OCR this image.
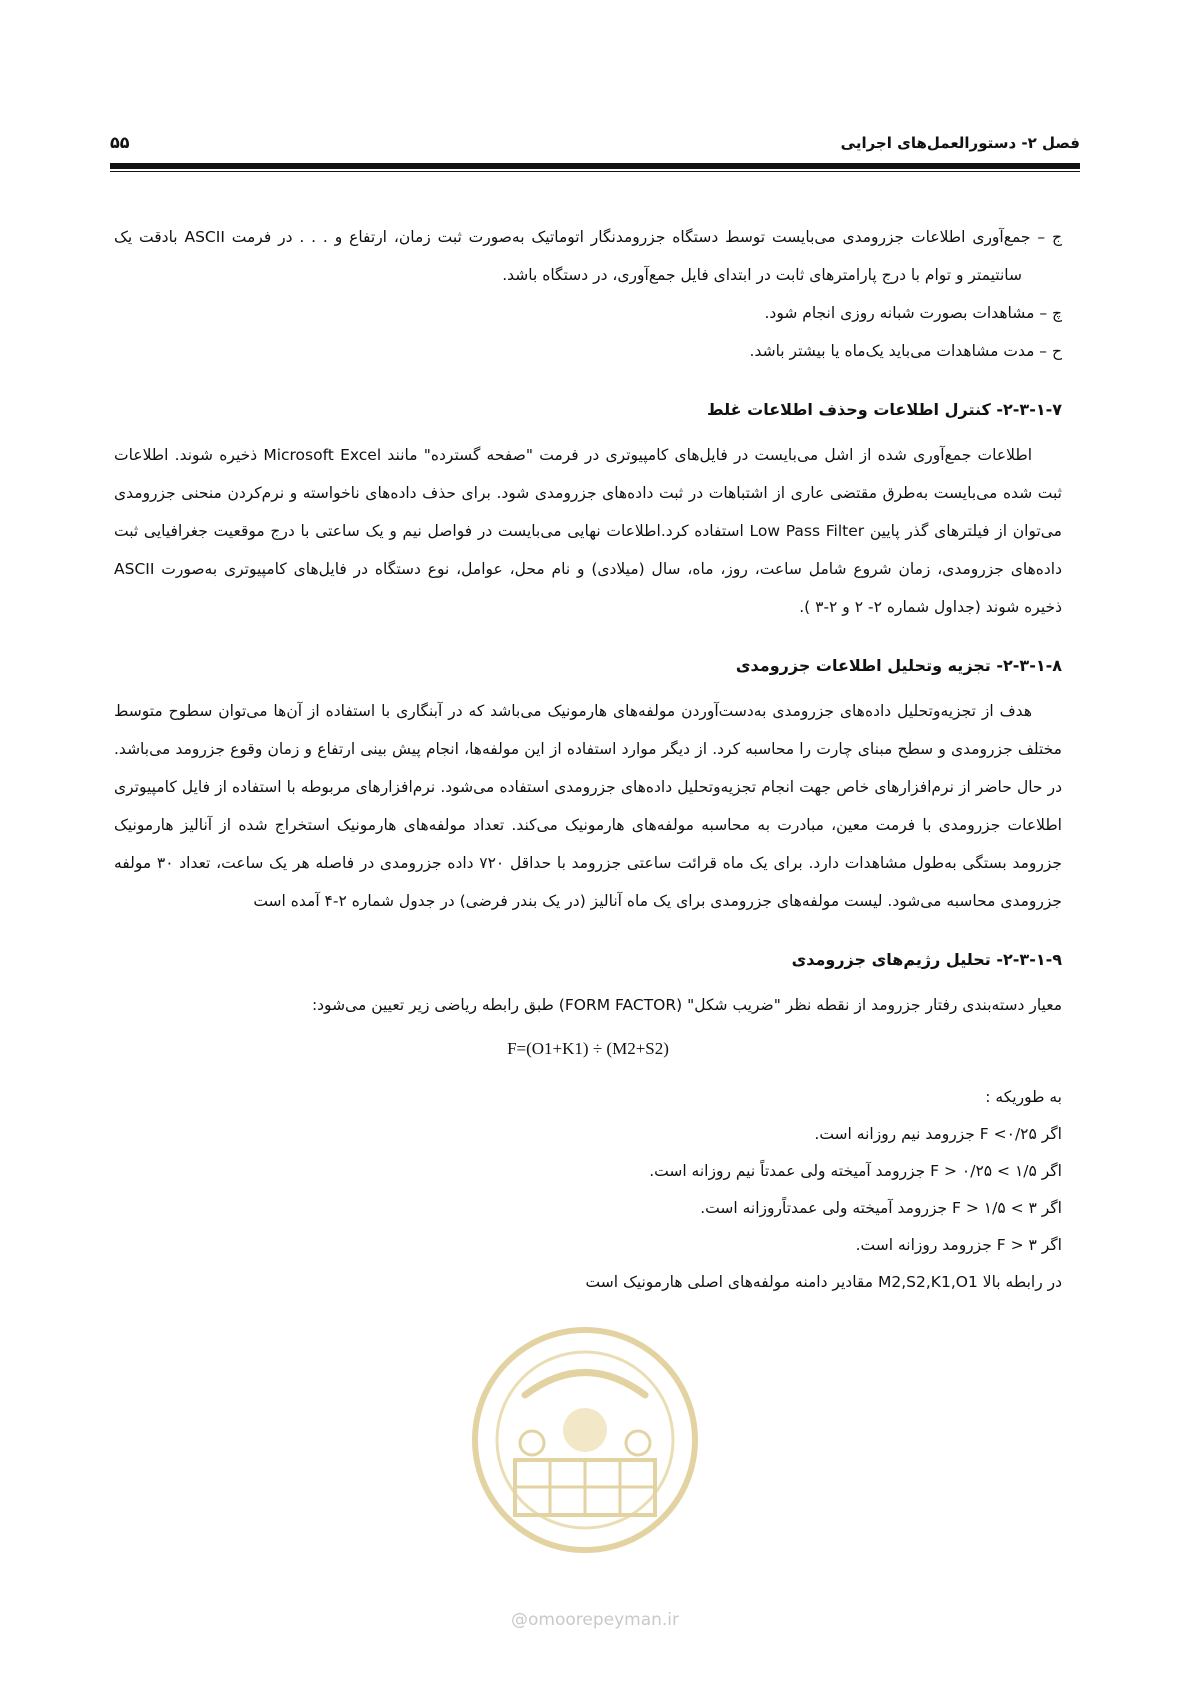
فصل ۲- دستورالعمل‌های اجرایی
۵۵

ج – جمع‌آوری اطلاعات جزرومدی می‌بایست توسط دستگاه جزرومدنگار اتوماتیک به‌صورت ثبت زمان، ارتفاع و . . . در فرمت ASCII بادقت یک سانتیمتر و توام با درج پارامترهای ثابت در ابتدای فایل جمع‌آوری، در دستگاه باشد.

چ – مشاهدات بصورت شبانه روزی انجام شود.

ح – مدت مشاهدات می‌باید یک‌ماه یا بیشتر باشد.

۲-۳-۱-۷- کنترل اطلاعات وحذف اطلاعات غلط

اطلاعات جمع‌آوری شده از اشل می‌بایست در فایل‌های کامپیوتری در فرمت "صفحه گسترده" مانند Microsoft Excel ذخیره شوند. اطلاعات ثبت شده می‌بایست به‌طرق مقتضی عاری از اشتباهات در ثبت داده‌های جزرومدی شود. برای حذف داده‌های ناخواسته و نرم‌کردن منحنی جزرومدی می‌توان از فیلترهای گذر پایین Low Pass Filter استفاده کرد.اطلاعات نهایی می‌بایست در فواصل نیم و یک ساعتی با درج موقعیت جغرافیایی ثبت داده‌های جزرومدی، زمان شروع شامل ساعت، روز، ماه، سال (میلادی) و نام محل، عوامل، نوع دستگاه در فایل‌های کامپیوتری به‌صورت ASCII ذخیره شوند (جداول شماره ۲- ۲ و ۲-۳ ).

۲-۳-۱-۸- تجزیه وتحلیل اطلاعات جزرومدی

هدف از تجزیه‌وتحلیل داده‌های جزرومدی به‌دست‌آوردن مولفه‌های هارمونیک می‌باشد که در آبنگاری با استفاده از آن‌ها می‌توان سطوح متوسط مختلف جزرومدی و سطح مبنای چارت را محاسبه کرد. از دیگر موارد استفاده از این مولفه‌ها، انجام پیش بینی ارتفاع و زمان وقوع جزرومد می‌باشد. در حال حاضر از نرم‌افزارهای خاص جهت انجام تجزیه‌وتحلیل داده‌های جزرومدی استفاده می‌شود. نرم‌افزارهای مربوطه با استفاده از فایل کامپیوتری اطلاعات جزرومدی با فرمت معین، مبادرت به محاسبه مولفه‌های هارمونیک می‌کند. تعداد مولفه‌های هارمونیک استخراج شده از آنالیز هارمونیک جزرومد بستگی به‌طول مشاهدات دارد. برای یک ماه قرائت ساعتی جزرومد با حداقل ۷۲۰ داده جزرومدی در فاصله هر یک ساعت، تعداد ۳۰ مولفه جزرومدی محاسبه می‌شود. لیست مولفه‌های جزرومدی برای یک ماه آنالیز (در یک بندر فرضی) در جدول شماره ۲-۴ آمده است

۲-۳-۱-۹- تحلیل رژیم‌های جزرومدی

معیار دسته‌بندی رفتار جزرومد از نقطه نظر "ضریب شکل" (FORM FACTOR) طبق رابطه ریاضی زیر تعیین می‌شود:

F=(O1+K1) ÷ (M2+S2)

به طوریکه :

اگر F <۰/۲۵ جزرومد نیم روزانه است.

اگر ۱/۵ > F > ۰/۲۵ جزرومد آمیخته ولی عمدتاً نیم روزانه است.

اگر ۳ > F > ۱/۵ جزرومد آمیخته ولی عمدتاًروزانه است.

اگر ۳ < F جزرومد روزانه است.

در رابطه بالا M2,S2,K1,O1 مقادیر دامنه مولفه‌های اصلی هارمونیک است

@omoorepeyman.ir
